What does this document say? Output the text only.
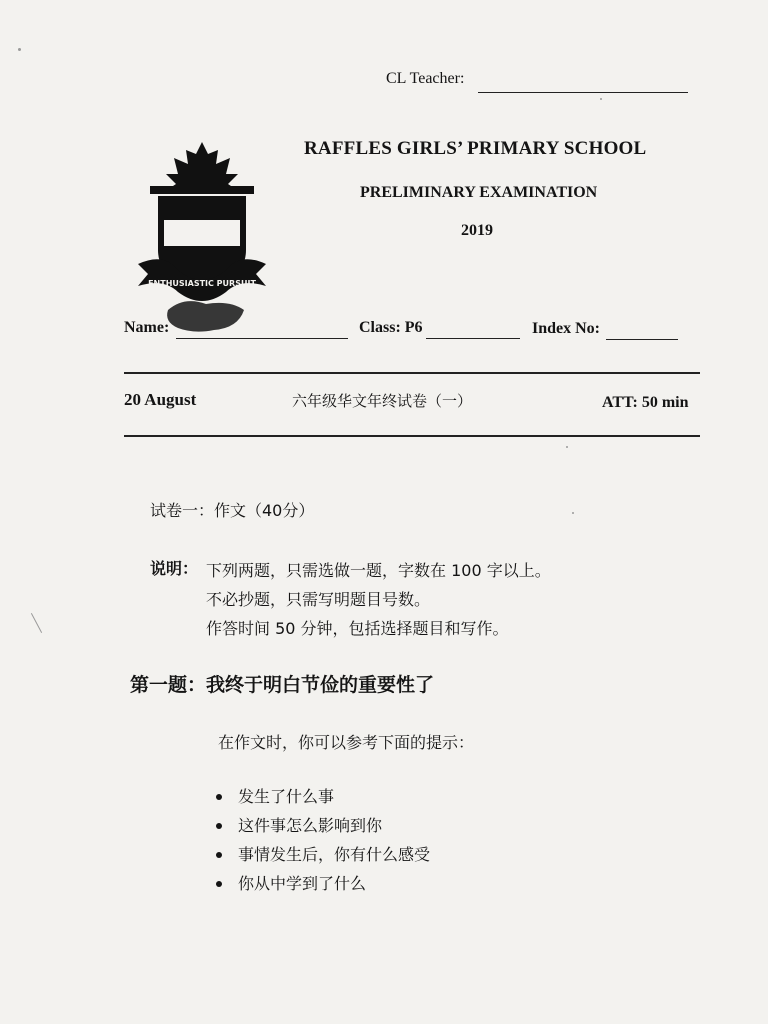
CL Teacher:
RAFFLES GIRLS’ PRIMARY SCHOOL
PRELIMINARY EXAMINATION
2019
ENTHUSIASTIC PURSUIT
Name:	Class: P6	Index No:
20 August	六年级华文年终试卷（一）	ATT: 50 min
试卷一：作文（40分）
说明： 下列两题，只需选做一题，字数在 100 字以上。
不必抄题，只需写明题目号数。
作答时间 50 分钟，包括选择题目和写作。
第一题：我终于明白节俭的重要性了
在作文时，你可以参考下面的提示：
发生了什么事
这件事怎么影响到你
事情发生后，你有什么感受
你从中学到了什么
